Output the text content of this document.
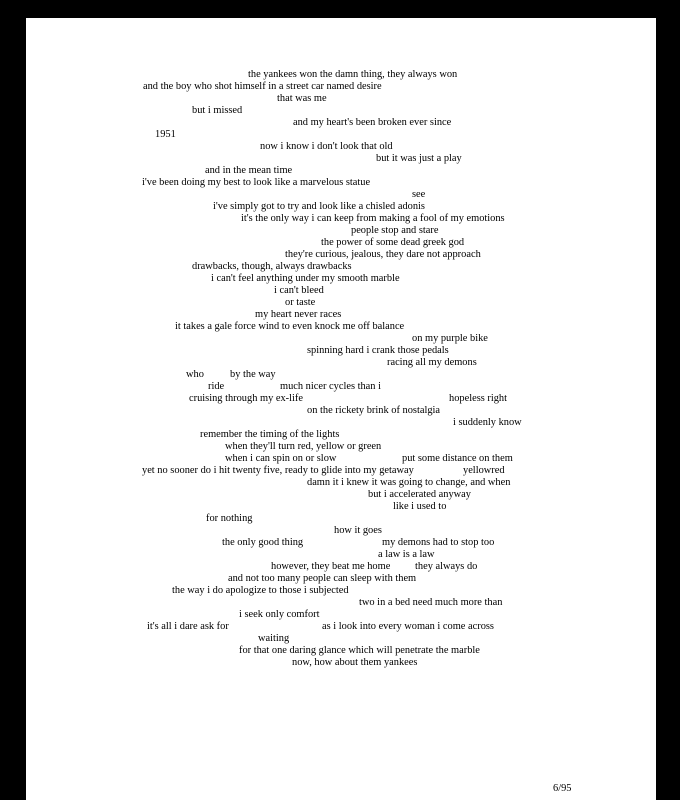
the yankees won the damn thing, they always won
and the boy who shot himself in a street car named desire
that was me
but i missed
and my heart's been broken ever since
1951
now i know i don't look that old
but it was just a play
and in the mean time
i've been doing my best to look like a marvelous statue
see
i've simply got to try and look like a chisled adonis
it's the only way i can keep from making a fool of my emotions
people stop and stare
the power of some dead greek god
they're curious, jealous, they dare not approach
drawbacks, though, always drawbacks
i can't feel anything under my smooth marble
i can't bleed
or taste
my heart never races
it takes a gale force wind to even knock me off balance
on my purple bike
spinning hard i crank those pedals
racing all my demons
who	by the way
ride	much nicer cycles than i
cruising through my ex-life	hopeless right
on the rickety brink of nostalgia
i suddenly know
remember the timing of the lights
when they'll turn red, yellow or green
when i can spin on or slow	put some distance on them
yet no sooner do i hit twenty five, ready to glide into my getaway	yellowred
damn it i knew it was going to change, and when
but i accelerated anyway
like i used to
for nothing
how it goes
the only good thing	my demons had to stop too
a law is a law
however, they beat me home they always do
and not too many people can sleep with them
the way i do apologize to those i subjected
two in a bed need much more than
i seek only comfort
it's all i dare ask for	as i look into every woman i come across
waiting
for that one daring glance which will penetrate the marble
now, how about them yankees
6/95
